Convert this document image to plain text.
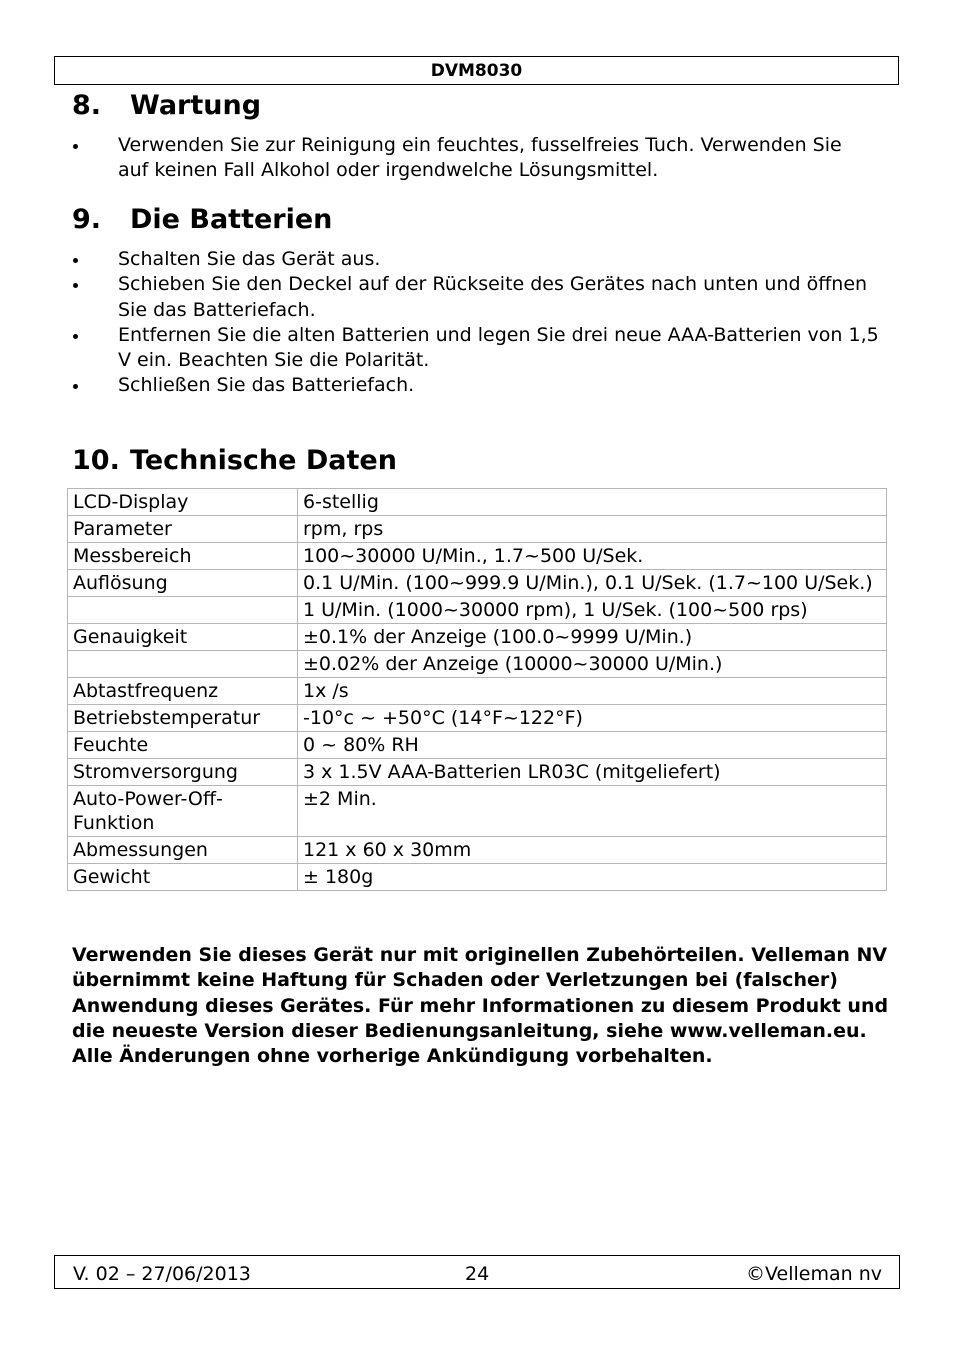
DVM8030
8. Wartung
Verwenden Sie zur Reinigung ein feuchtes, fusselfreies Tuch. Verwenden Sie auf keinen Fall Alkohol oder irgendwelche Lösungsmittel.
9. Die Batterien
Schalten Sie das Gerät aus.
Schieben Sie den Deckel auf der Rückseite des Gerätes nach unten und öffnen Sie das Batteriefach.
Entfernen Sie die alten Batterien und legen Sie drei neue AAA-Batterien von 1,5 V ein. Beachten Sie die Polarität.
Schließen Sie das Batteriefach.
10. Technische Daten
LCD-Display	6-stellig
Parameter	rpm, rps
Messbereich	100~30000 U/Min., 1.7~500 U/Sek.
Auflösung	0.1 U/Min. (100~999.9 U/Min.), 0.1 U/Sek. (1.7~100 U/Sek.)
	1 U/Min. (1000~30000 rpm), 1 U/Sek. (100~500 rps)
Genauigkeit	±0.1% der Anzeige (100.0~9999 U/Min.)
	±0.02% der Anzeige (10000~30000 U/Min.)
Abtastfrequenz	1x /s
Betriebstemperatur	-10°c ~ +50°C (14°F~122°F)
Feuchte	0 ~ 80% RH
Stromversorgung	3 x 1.5V AAA-Batterien LR03C (mitgeliefert)
Auto-Power-Off-Funktion	±2 Min.
Abmessungen	121 x 60 x 30mm
Gewicht	± 180g

Verwenden Sie dieses Gerät nur mit originellen Zubehörteilen. Velleman NV übernimmt keine Haftung für Schaden oder Verletzungen bei (falscher) Anwendung dieses Gerätes. Für mehr Informationen zu diesem Produkt und die neueste Version dieser Bedienungsanleitung, siehe www.velleman.eu. Alle Änderungen ohne vorherige Ankündigung vorbehalten.

V. 02 – 27/06/2013	24	©Velleman nv
